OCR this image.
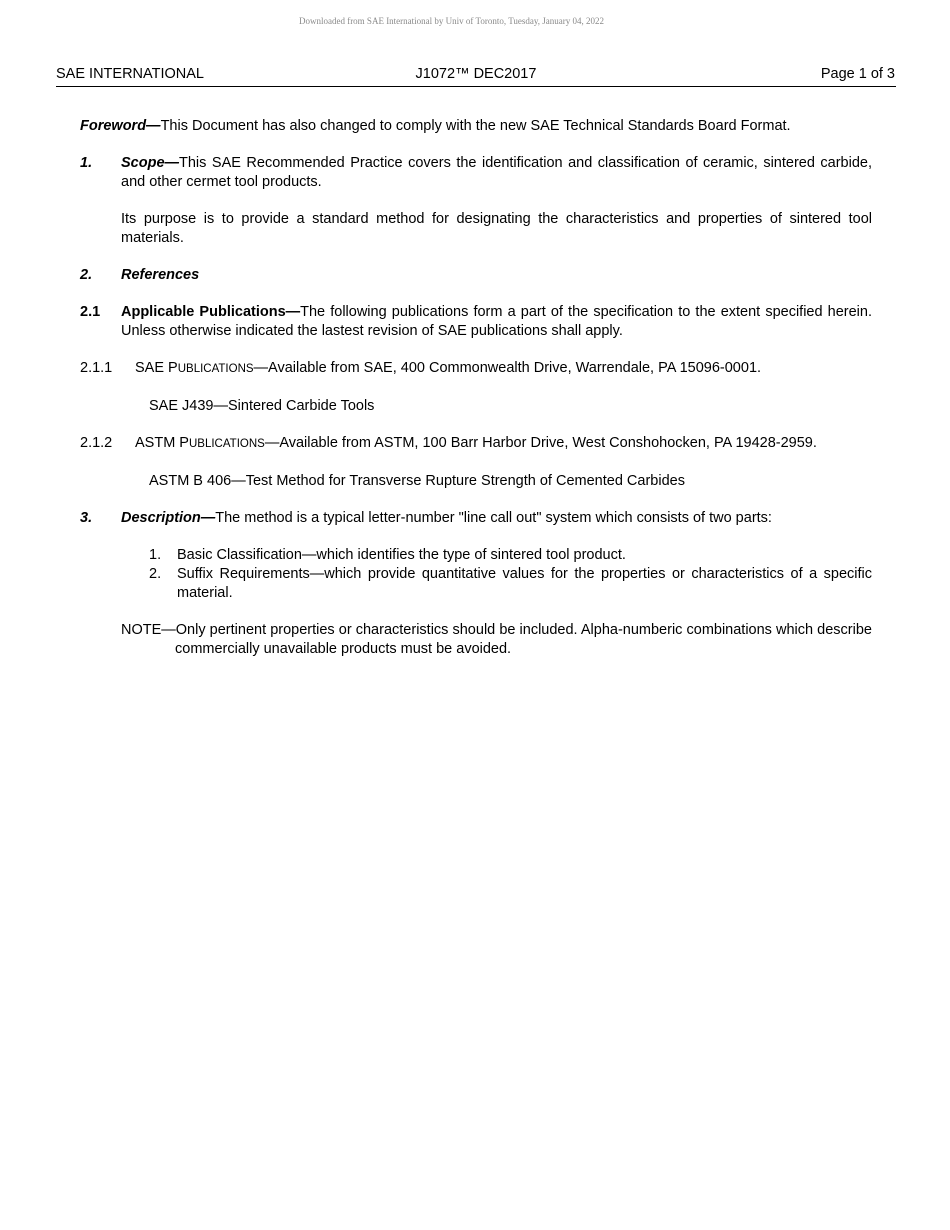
Downloaded from SAE International by Univ of Toronto, Tuesday, January 04, 2022
SAE INTERNATIONAL	J1072™ DEC2017	Page 1 of 3

Foreword—This Document has also changed to comply with the new SAE Technical Standards Board Format.

1. Scope—This SAE Recommended Practice covers the identification and classification of ceramic, sintered carbide, and other cermet tool products.
Its purpose is to provide a standard method for designating the characteristics and properties of sintered tool materials.
2. References
2.1 Applicable Publications—The following publications form a part of the specification to the extent specified herein. Unless otherwise indicated the lastest revision of SAE publications shall apply.
2.1.1 SAE PUBLICATIONS—Available from SAE, 400 Commonwealth Drive, Warrendale, PA 15096-0001.
SAE J439—Sintered Carbide Tools
2.1.2 ASTM PUBLICATIONS—Available from ASTM, 100 Barr Harbor Drive, West Conshohocken, PA 19428-2959.
ASTM B 406—Test Method for Transverse Rupture Strength of Cemented Carbides
3. Description—The method is a typical letter-number "line call out" system which consists of two parts:
1. Basic Classification—which identifies the type of sintered tool product.
2. Suffix Requirements—which provide quantitative values for the properties or characteristics of a specific material.
NOTE—Only pertinent properties or characteristics should be included. Alpha-numberic combinations which describe commercially unavailable products must be avoided.
